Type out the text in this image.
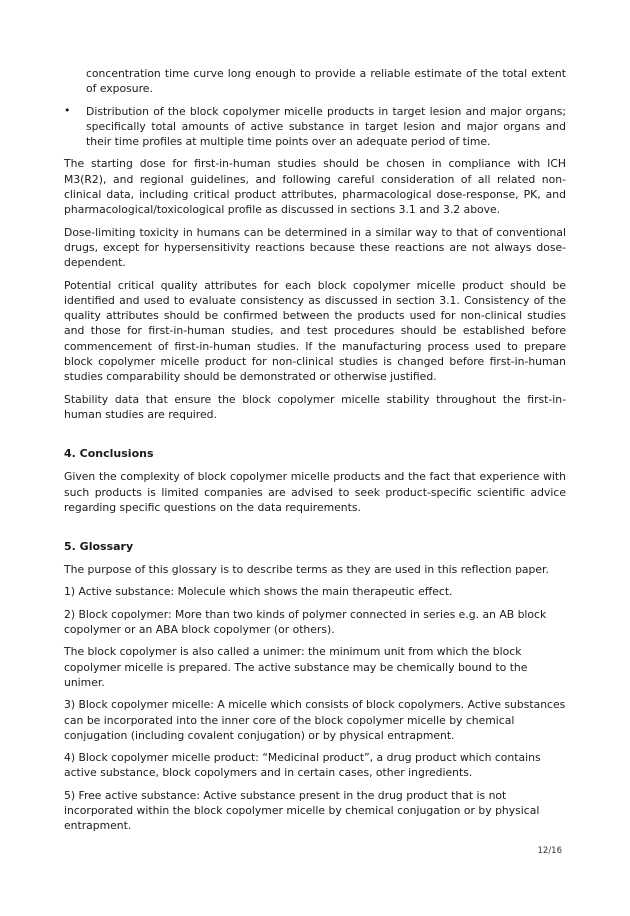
concentration time curve long enough to provide a reliable estimate of the total extent of exposure.

•	Distribution of the block copolymer micelle products in target lesion and major organs; specifically total amounts of active substance in target lesion and major organs and their time profiles at multiple time points over an adequate period of time.

The starting dose for first-in-human studies should be chosen in compliance with ICH M3(R2), and regional guidelines, and following careful consideration of all related non-clinical data, including critical product attributes, pharmacological dose-response, PK, and pharmacological/toxicological profile as discussed in sections 3.1 and 3.2 above.

Dose-limiting toxicity in humans can be determined in a similar way to that of conventional drugs, except for hypersensitivity reactions because these reactions are not always dose-dependent.

Potential critical quality attributes for each block copolymer micelle product should be identified and used to evaluate consistency as discussed in section 3.1. Consistency of the quality attributes should be confirmed between the products used for non-clinical studies and those for first-in-human studies, and test procedures should be established before commencement of first-in-human studies. If the manufacturing process used to prepare block copolymer micelle product for non-clinical studies is changed before first-in-human studies comparability should be demonstrated or otherwise justified.

Stability data that ensure the block copolymer micelle stability throughout the first-in-human studies are required.

4. Conclusions

Given the complexity of block copolymer micelle products and the fact that experience with such products is limited companies are advised to seek product-specific scientific advice regarding specific questions on the data requirements.

5. Glossary

The purpose of this glossary is to describe terms as they are used in this reflection paper.

1) Active substance: Molecule which shows the main therapeutic effect.

2) Block copolymer: More than two kinds of polymer connected in series e.g. an AB block copolymer or an ABA block copolymer (or others).

The block copolymer is also called a unimer: the minimum unit from which the block copolymer micelle is prepared. The active substance may be chemically bound to the unimer.

3) Block copolymer micelle: A micelle which consists of block copolymers. Active substances can be incorporated into the inner core of the block copolymer micelle by chemical conjugation (including covalent conjugation) or by physical entrapment.

4) Block copolymer micelle product: “Medicinal product”, a drug product which contains active substance, block copolymers and in certain cases, other ingredients.

5) Free active substance: Active substance present in the drug product that is not incorporated within the block copolymer micelle by chemical conjugation or by physical entrapment.

12/16
